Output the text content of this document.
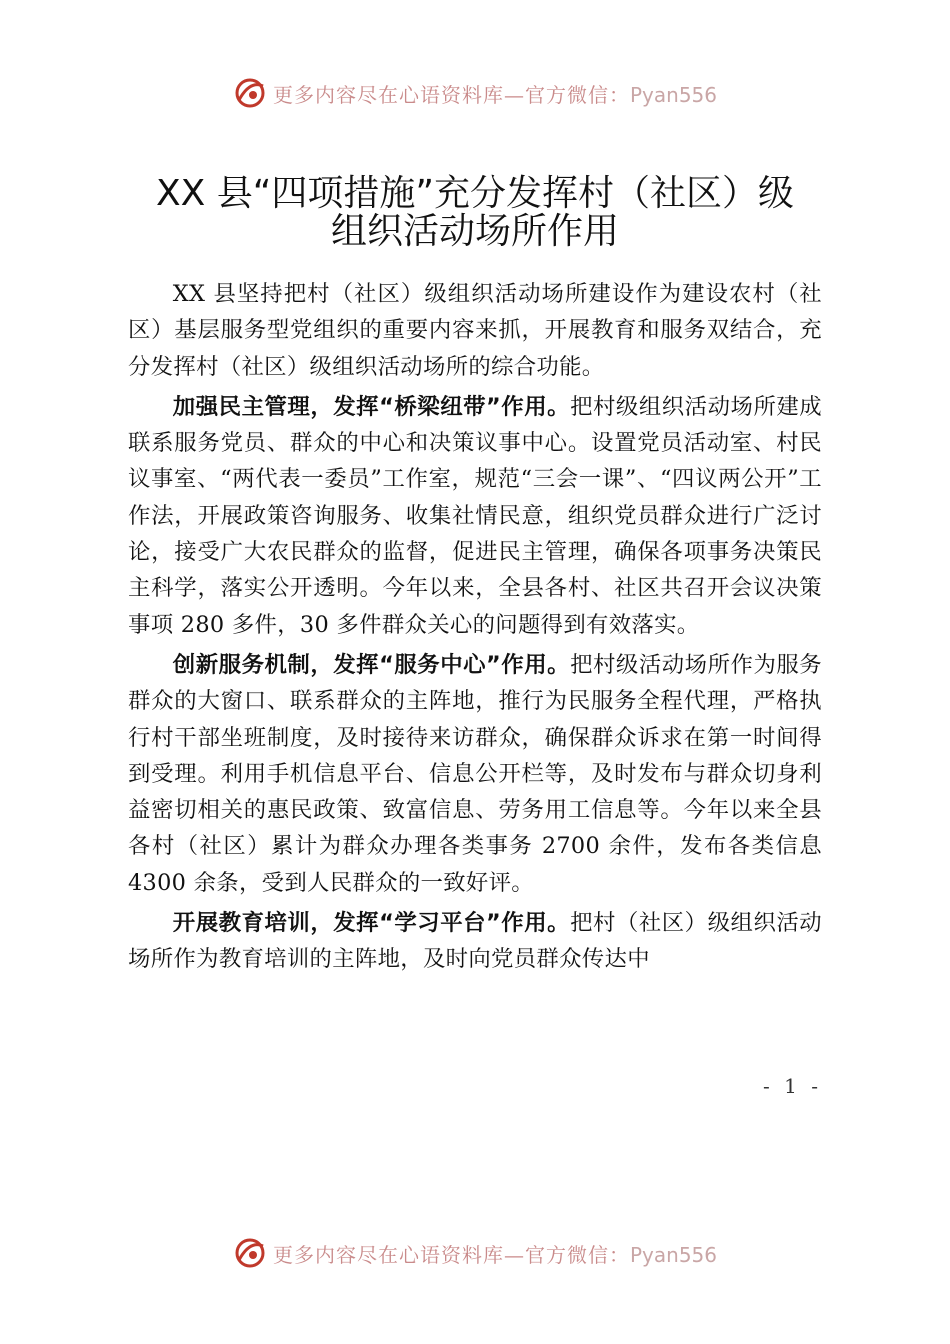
更多内容尽在心语资料库—官方微信：Pyan556
XX 县“四项措施”充分发挥村（社区）级
组织活动场所作用

XX 县坚持把村（社区）级组织活动场所建设作为建设农村（社区）基层服务型党组织的重要内容来抓，开展教育和服务双结合，充分发挥村（社区）级组织活动场所的综合功能。

加强民主管理，发挥“桥梁纽带”作用。把村级组织活动场所建成联系服务党员、群众的中心和决策议事中心。设置党员活动室、村民议事室、“两代表一委员”工作室，规范“三会一课”、“四议两公开”工作法，开展政策咨询服务、收集社情民意，组织党员群众进行广泛讨论，接受广大农民群众的监督，促进民主管理，确保各项事务决策民主科学，落实公开透明。今年以来，全县各村、社区共召开会议决策事项 280 多件，30 多件群众关心的问题得到有效落实。

创新服务机制，发挥“服务中心”作用。把村级活动场所作为服务群众的大窗口、联系群众的主阵地，推行为民服务全程代理，严格执行村干部坐班制度，及时接待来访群众，确保群众诉求在第一时间得到受理。利用手机信息平台、信息公开栏等，及时发布与群众切身利益密切相关的惠民政策、致富信息、劳务用工信息等。今年以来全县各村（社区）累计为群众办理各类事务 2700 余件，发布各类信息 4300 余条，受到人民群众的一致好评。

开展教育培训，发挥“学习平台”作用。把村（社区）级组织活动场所作为教育培训的主阵地，及时向党员群众传达中

- 1 -
更多内容尽在心语资料库—官方微信：Pyan556
